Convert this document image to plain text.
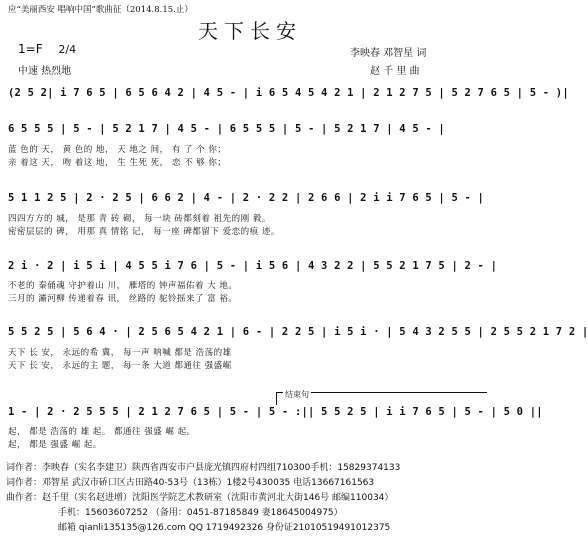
应“美丽西安 唱响中国”歌曲征（2014.8.15.止）
天下长安
1=F 2/4
中速 热烈地
李映春 邓智星 词
赵 千 里 曲
(2 5 2| i 7 6 5 | 6 5 6 4 2 | 4 5 - | i 6 5 4 5 4 2 1 | 2 1 2 7 5 | 5 2 7 6 5 | 5 - )|
6 5 5 5 | 5 - | 5 2 1 7 | 4 5 - | 6 5 5 5 | 5 - | 5 2 1 7 | 4 5 - |
蓝 色的 天， 黄 色的 地， 天 地之 间， 有 了 个 你；
亲 着这 天， 吻 着这 地， 生 生死 死， 恋 不 够 你；
5 1 1 2 5 | 2 · 2 5 | 6 6 2 | 4 - | 2 · 2 2 | 2 6 6 | 2 i i 7 6 5 | 5 - |
四四方方的 城， 是那 青 砖 砌， 每一块 砖都刻着 祖先的刚 毅。
密密层层的 碑， 用那 真 情铭 记， 每一座 碑都留下 爱恋的痕 迹。
2 i · 2 | i 5 i | 4 5 5 i 7 6 | 5 - | i 5 6 | 4 3 2 2 | 5 5 2 1 7 5 | 2 - |
不老的 秦俑魂 守护着山 川， 雁塔的 钟声福佑着 大 地。
三月的 灞河柳 传递着春 讯， 丝路的 驼铃摇来了 富 裕。
5 5 2 5 | 5 6 4 · | 2 5 6 5 4 2 1 | 6 - | 2 2 5 | i 5 i · | 5 4 3 2 5 5 | 2 5 5 2 1 7 2 |
天下 长 安， 永远的希 冀， 每一声 呐喊 都是 浩荡的雄
天下 长 安， 永远的主 题， 每一条 大道 都通往 强盛崛
结束句
1 - | 2 · 2 5 5 5 | 2 1 2 7 6 5 | 5 - | 5 - :|| 5 5 2 5 | i i 7 6 5 | 5 - | 5 0 ||
起， 都是 浩荡的 雄 起。 都通往 强盛 崛 起。
起， 都是 强盛 崛 起。
词作者：李映春（实名李建卫）陕西省西安市户县庞光镇四府村四组710300手机：15829374133
词作者：邓智星 武汉市硚口区古田路40-53号（13栋）1楼2号430035 电话13667161563
曲作者：赵千里（实名赵进增）沈阳医学院艺术教研室（沈阳市黄河北大街146号 邮编110034）
手机：15603607252 （备用：0451-87185849 妻18645004975）
邮箱 qianli135135@126.com QQ 1719492326 身份证21010519491012375
